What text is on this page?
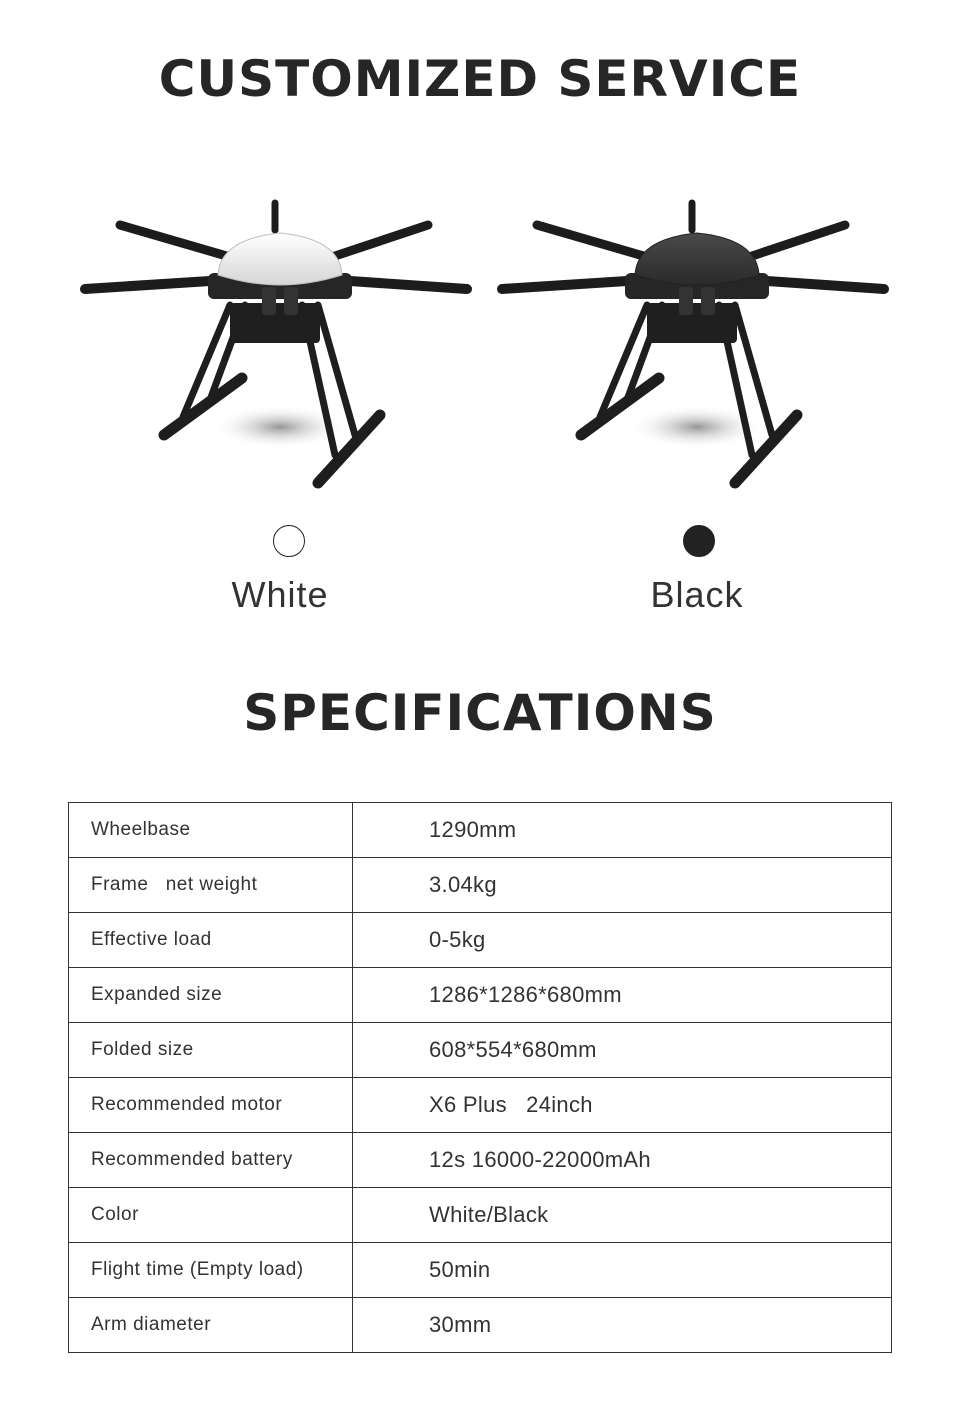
CUSTOMIZED SERVICE
White	Black
SPECIFICATIONS
Wheelbase	1290mm
Frame   net weight	3.04kg
Effective load	0-5kg
Expanded size	1286*1286*680mm
Folded size	608*554*680mm
Recommended motor	X6 Plus   24inch
Recommended battery	12s 16000-22000mAh
Color	White/Black
Flight time (Empty load)	50min
Arm diameter	30mm
